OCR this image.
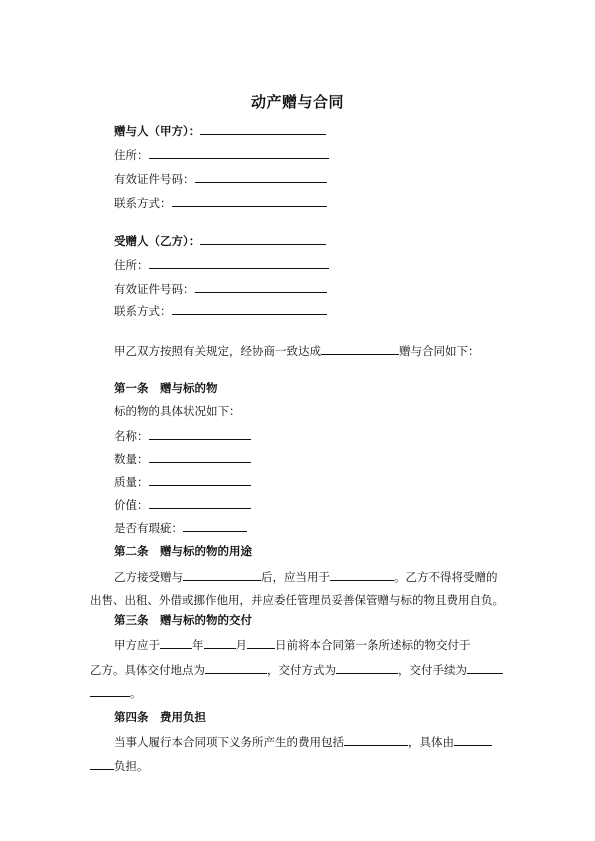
动产赠与合同
赠与人（甲方）：
住所：
有效证件号码：
联系方式：
受赠人（乙方）：
住所：
有效证件号码：
联系方式：
甲乙双方按照有关规定，经协商一致达成	赠与合同如下：
第一条　赠与标的物
标的物的具体状况如下：
名称：
数量：
质量：
价值：
是否有瑕疵：
第二条　赠与标的物的用途
乙方接受赠与	后，应当用于	。乙方不得将受赠的
出售、出租、外借或挪作他用，并应委任管理员妥善保管赠与标的物且费用自负。
第三条　赠与标的物的交付
甲方应于	年	月 日前将本合同第一条所述标的物交付于
乙方。具体交付地点为	，交付方式为	，交付手续为
。
第四条　费用负担
当事人履行本合同项下义务所产生的费用包括	，具体由
负担。
